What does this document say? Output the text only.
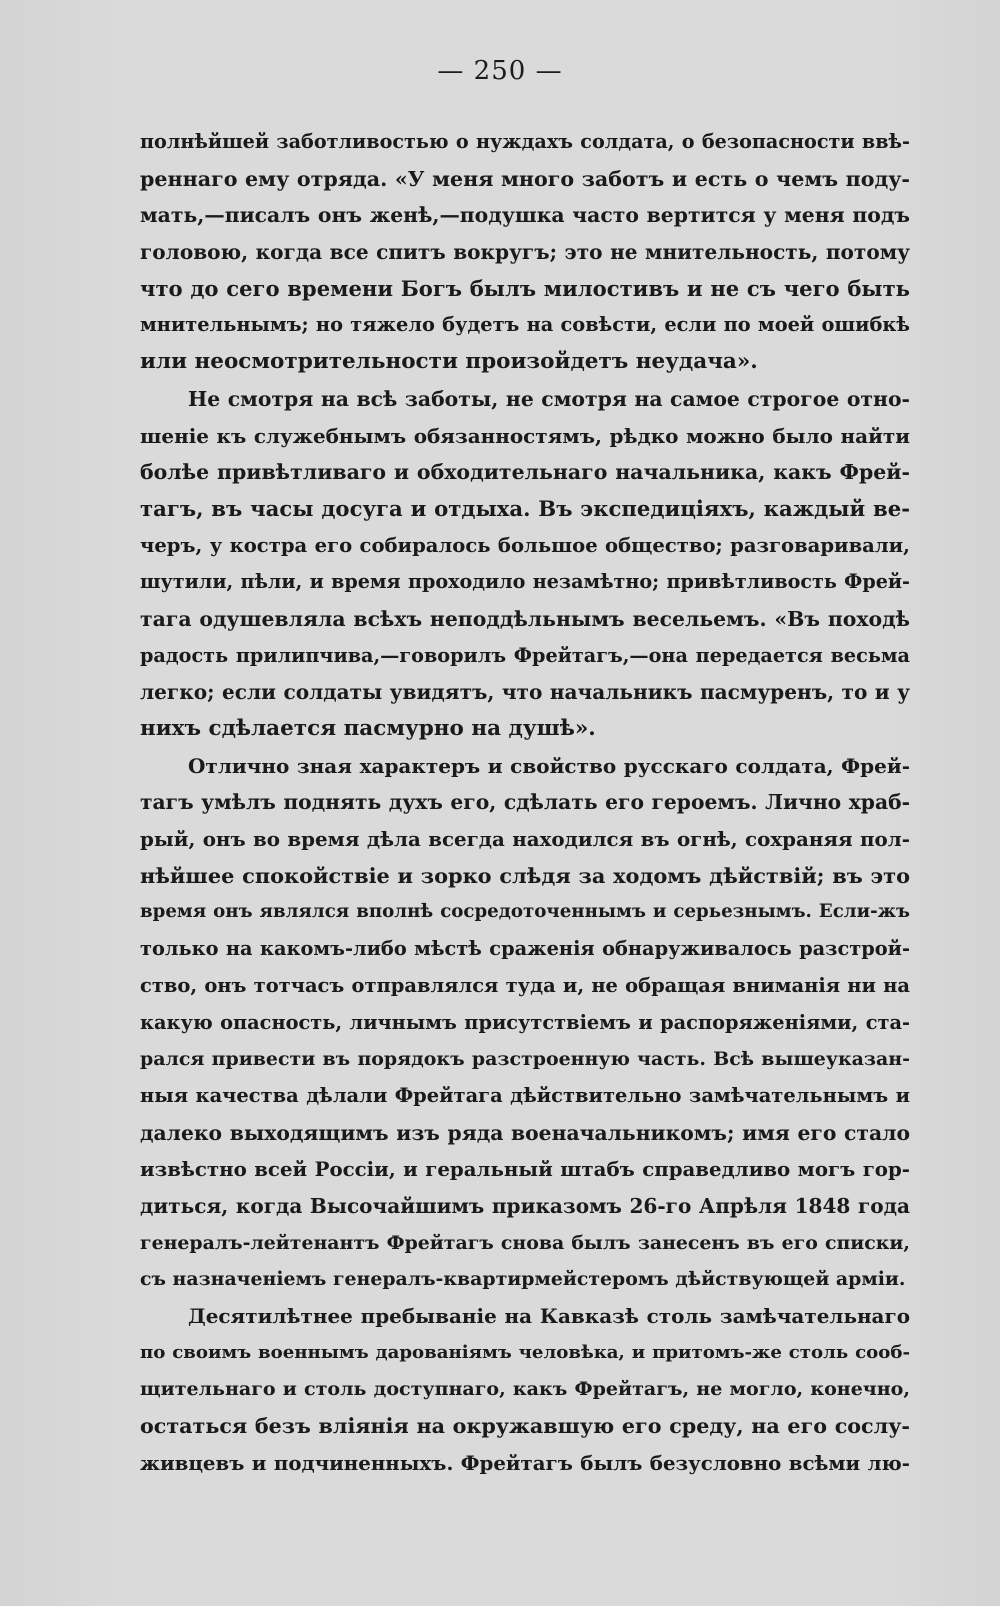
— 250 —
полнѣйшей заботливостью о нуждахъ солдата, о безопасности ввѣ-
реннаго ему отряда. «У меня много заботъ и есть о чемъ поду-
мать,—писалъ онъ женѣ,—подушка часто вертится у меня подъ
головою, когда все спитъ вокругъ; это не мнительность, потому
что до сего времени Богъ былъ милостивъ и не съ чего быть
мнительнымъ; но тяжело будетъ на совѣсти, если по моей ошибкѣ
или неосмотрительности произойдетъ неудача».
Не смотря на всѣ заботы, не смотря на самое строгое отно-
шеніе къ служебнымъ обязанностямъ, рѣдко можно было найти
болѣе привѣтливаго и обходительнаго начальника, какъ Фрей-
тагъ, въ часы досуга и отдыха. Въ экспедиціяхъ, каждый ве-
черъ, у костра его собиралось большое общество; разговаривали,
шутили, пѣли, и время проходило незамѣтно; привѣтливость Фрей-
тага одушевляла всѣхъ неподдѣльнымъ весельемъ. «Въ походѣ
радость прилипчива,—говорилъ Фрейтагъ,—она передается весьма
легко; если солдаты увидятъ, что начальникъ пасмуренъ, то и у
нихъ сдѣлается пасмурно на душѣ».
Отлично зная характеръ и свойство русскаго солдата, Фрей-
тагъ умѣлъ поднять духъ его, сдѣлать его героемъ. Лично храб-
рый, онъ во время дѣла всегда находился въ огнѣ, сохраняя пол-
нѣйшее спокойствіе и зорко слѣдя за ходомъ дѣйствій; въ это
время онъ являлся вполнѣ сосредоточеннымъ и серьезнымъ. Если-жъ
только на какомъ-либо мѣстѣ сраженія обнаруживалось разстрой-
ство, онъ тотчасъ отправлялся туда и, не обращая вниманія ни на
какую опасность, личнымъ присутствіемъ и распоряженіями, ста-
рался привести въ порядокъ разстроенную часть. Всѣ вышеуказан-
ныя качества дѣлали Фрейтага дѣйствительно замѣчательнымъ и
далеко выходящимъ изъ ряда военачальникомъ; имя его стало
извѣстно всей Россіи, и геральный штабъ справедливо могъ гор-
диться, когда Высочайшимъ приказомъ 26-го Апрѣля 1848 года
генералъ-лейтенантъ Фрейтагъ снова былъ занесенъ въ его списки,
съ назначеніемъ генералъ-квартирмейстеромъ дѣйствующей арміи.
Десятилѣтнее пребываніе на Кавказѣ столь замѣчательнаго
по своимъ военнымъ дарованіямъ человѣка, и притомъ-же столь сооб-
щительнаго и столь доступнаго, какъ Фрейтагъ, не могло, конечно,
остаться безъ вліянія на окружавшую его среду, на его сослу-
живцевъ и подчиненныхъ. Фрейтагъ былъ безусловно всѣми лю-
